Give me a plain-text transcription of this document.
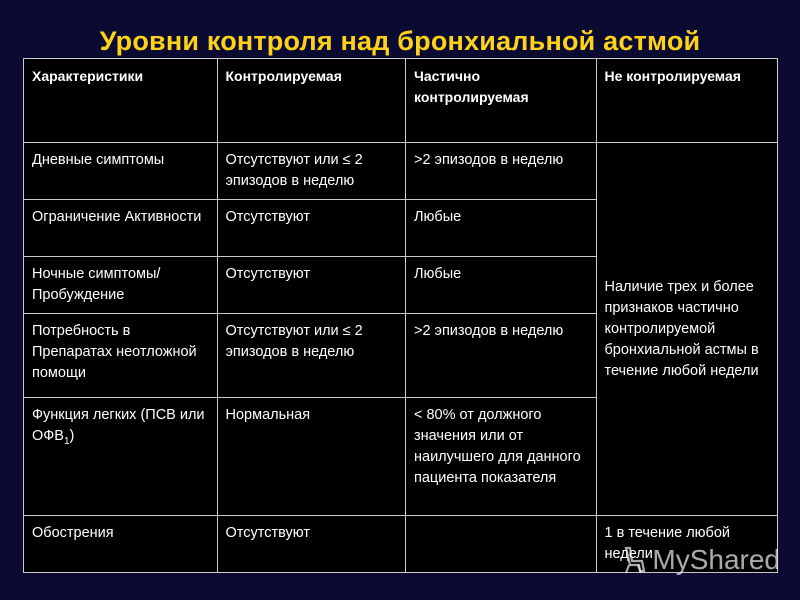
Уровни контроля над бронхиальной астмой
Характеристики	Контролируемая	Частично контролируемая	Не контролируемая
Дневные симптомы	Отсутствуют или ≤ 2 эпизодов в неделю	>2 эпизодов в неделю	Наличие трех и более признаков частично контролируемой бронхиальной астмы в течение любой недели
Ограничение Активности	Отсутствуют	Любые	
Ночные симптомы/ Пробуждение	Отсутствуют	Любые	
Потребность в Препаратах неотложной помощи	Отсутствуют или ≤ 2 эпизодов в неделю	>2 эпизодов в неделю	
Функция легких (ПСВ или $ОФВ_1$)	Нормальная	< 80% от должного значения или от наилучшего для данного пациента показателя	
Обострения	Отсутствуют		1 в течение любой недели MyShared
